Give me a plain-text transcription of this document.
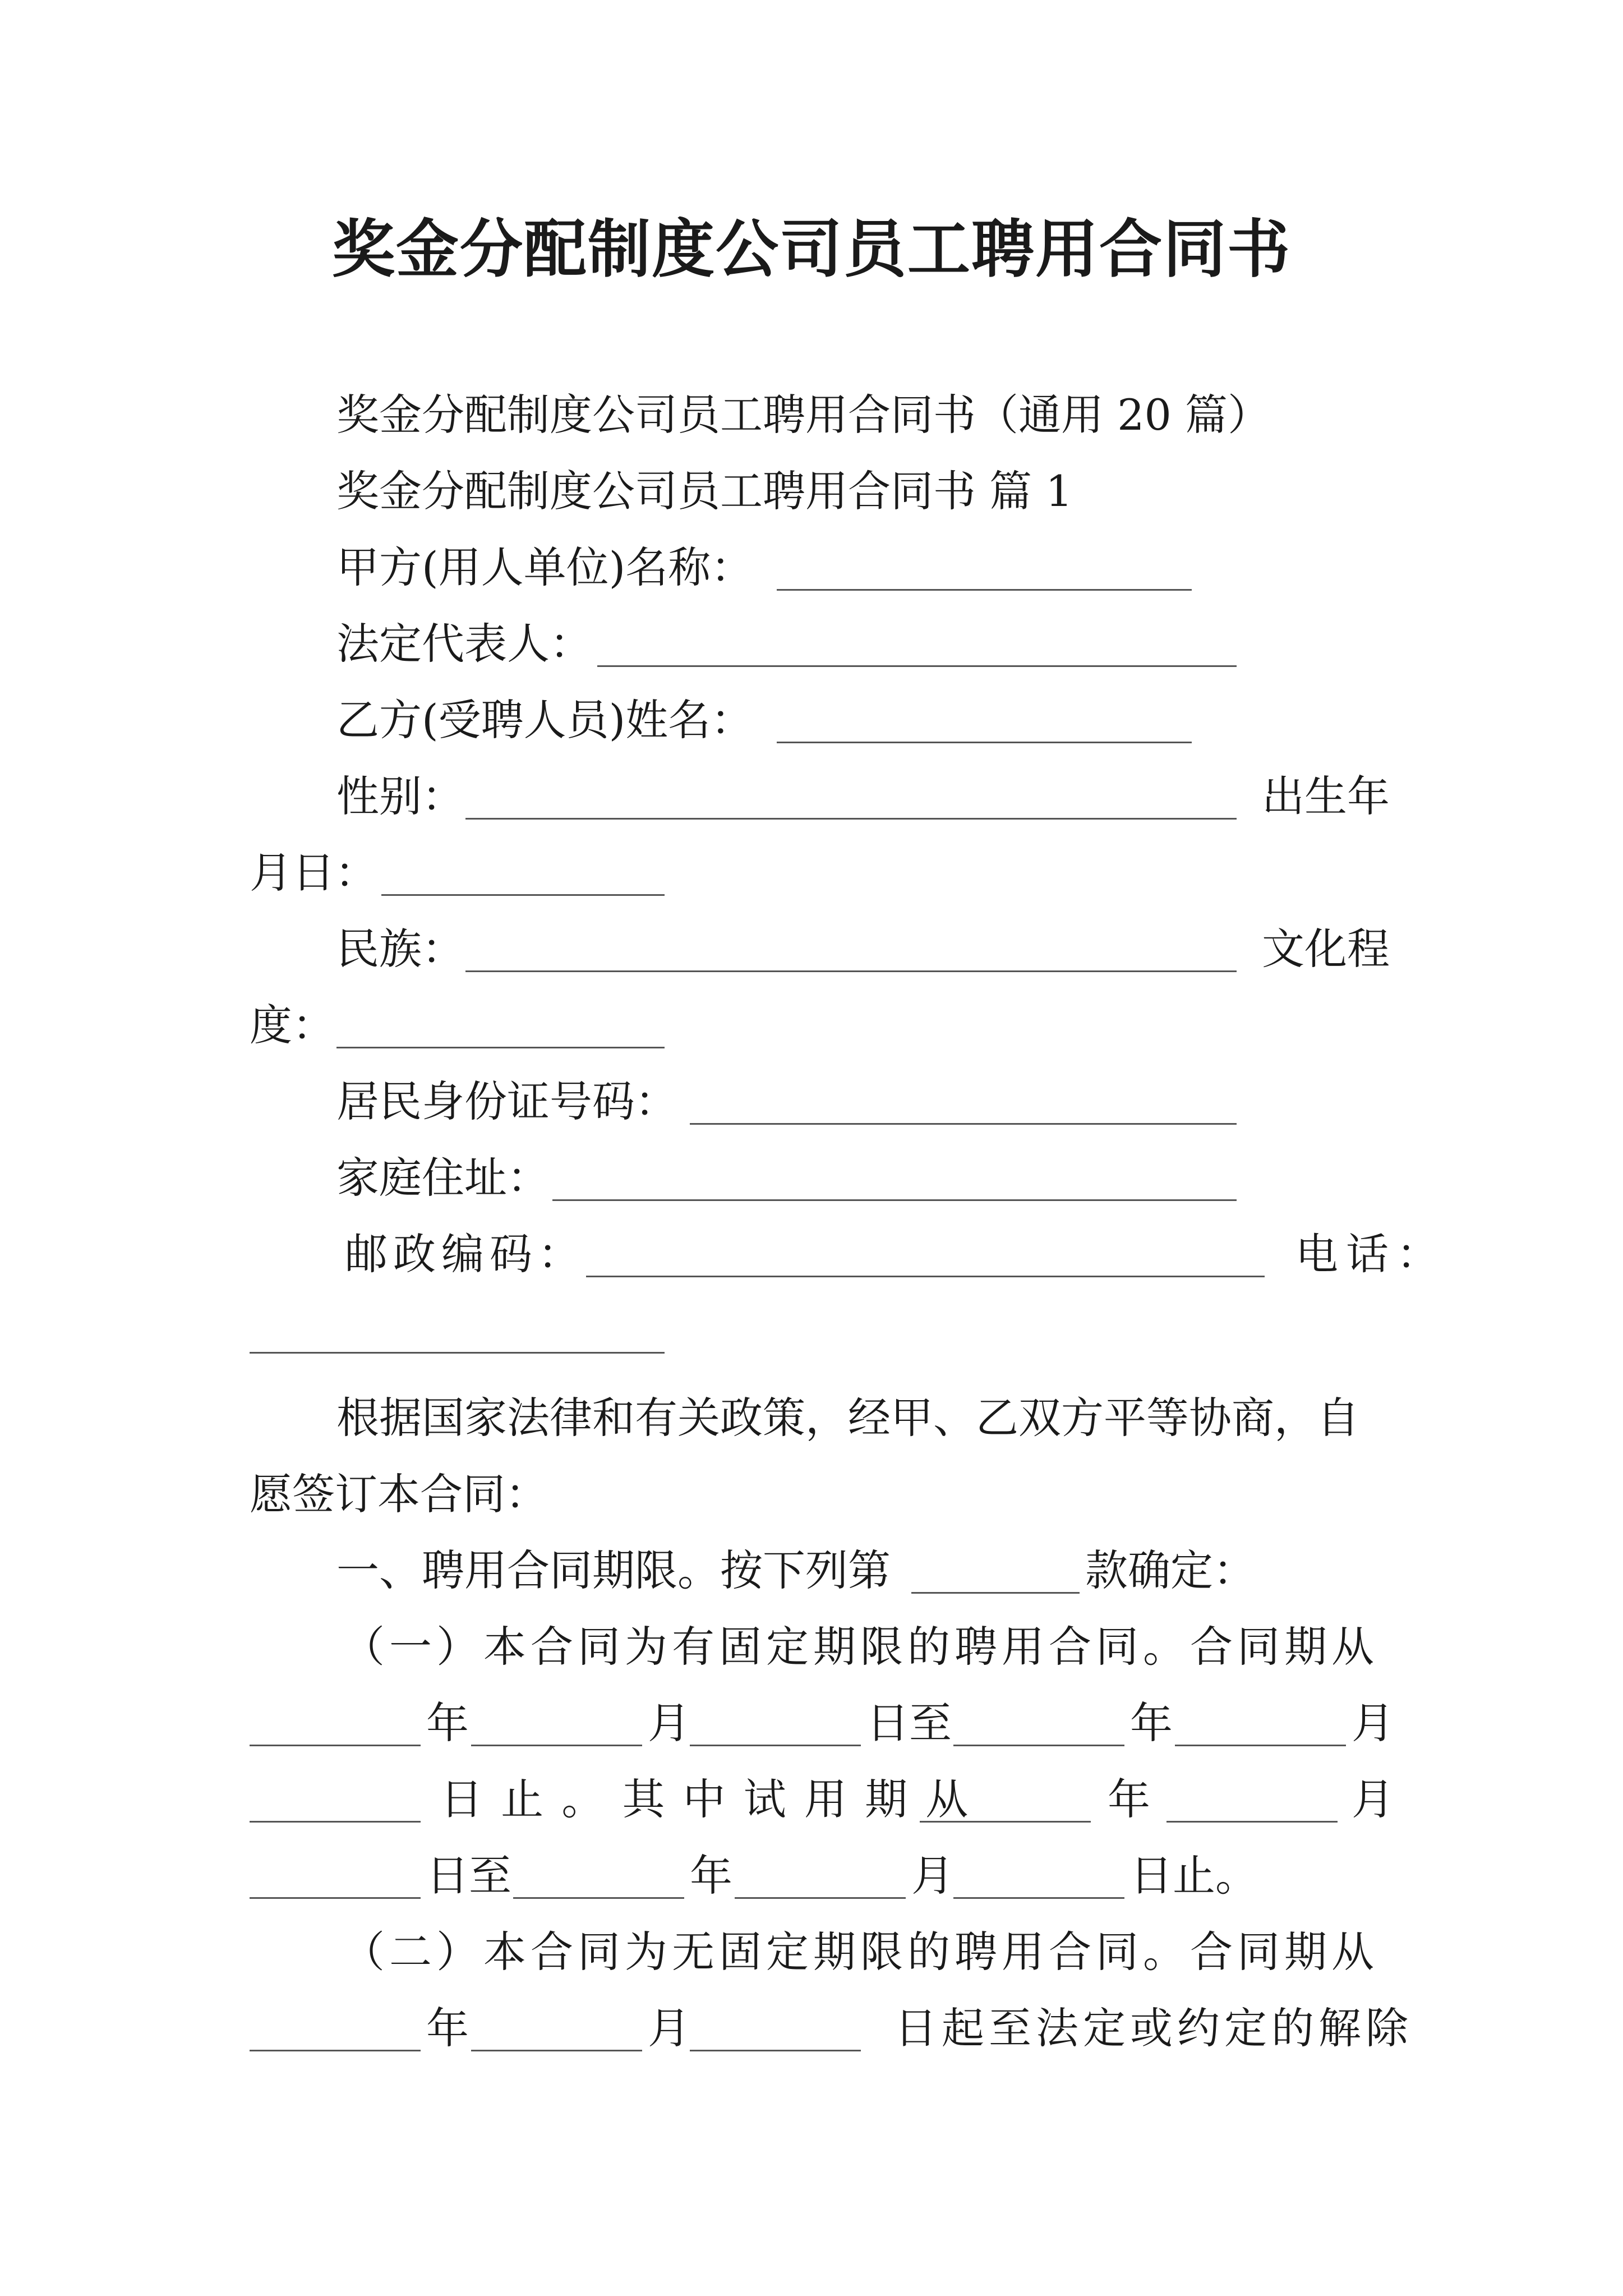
奖金分配制度公司员工聘用合同书
奖金分配制度公司员工聘用合同书（通用 20 篇）
奖金分配制度公司员工聘用合同书 篇 1
甲方(用人单位)名称：
法定代表人：
乙方(受聘人员)姓名：
性别：	出生年
月日：
民族：	文化程
度：
居民身份证号码：
家庭住址：
邮政编码：	电话：
根据国家法律和有关政策，经甲、乙双方平等协商，自
愿签订本合同：
一、聘用合同期限。按下列第	款确定：
（一）本合同为有固定期限的聘用合同。合同期从
年	月	日至	年	月
日 止 。 其 中 试 用 期 从	年	月
日至	年	月	日止。
（二）本合同为无固定期限的聘用合同。合同期从
年	月	日起至法定或约定的解除
